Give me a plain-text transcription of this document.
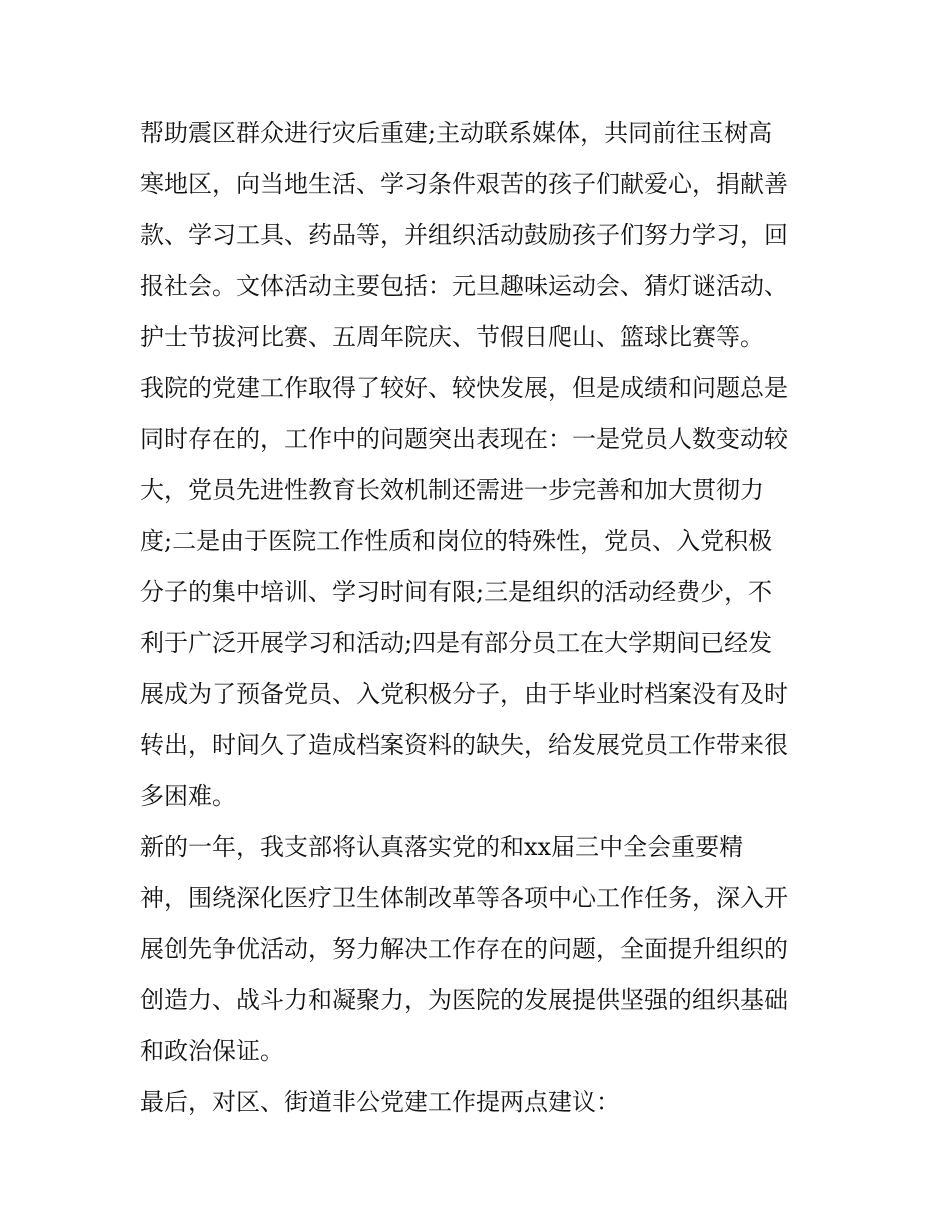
帮助震区群众进行灾后重建;主动联系媒体，共同前往玉树高
寒地区，向当地生活、学习条件艰苦的孩子们献爱心，捐献善
款、学习工具、药品等，并组织活动鼓励孩子们努力学习，回
报社会。文体活动主要包括：元旦趣味运动会、猜灯谜活动、
护士节拔河比赛、五周年院庆、节假日爬山、篮球比赛等。
我院的党建工作取得了较好、较快发展，但是成绩和问题总是
同时存在的，工作中的问题突出表现在：一是党员人数变动较
大，党员先进性教育长效机制还需进一步完善和加大贯彻力
度;二是由于医院工作性质和岗位的特殊性，党员、入党积极
分子的集中培训、学习时间有限;三是组织的活动经费少，不
利于广泛开展学习和活动;四是有部分员工在大学期间已经发
展成为了预备党员、入党积极分子，由于毕业时档案没有及时
转出，时间久了造成档案资料的缺失，给发展党员工作带来很
多困难。
新的一年，我支部将认真落实党的和xx届三中全会重要精
神，围绕深化医疗卫生体制改革等各项中心工作任务，深入开
展创先争优活动，努力解决工作存在的问题，全面提升组织的
创造力、战斗力和凝聚力，为医院的发展提供坚强的组织基础
和政治保证。
最后，对区、街道非公党建工作提两点建议：
